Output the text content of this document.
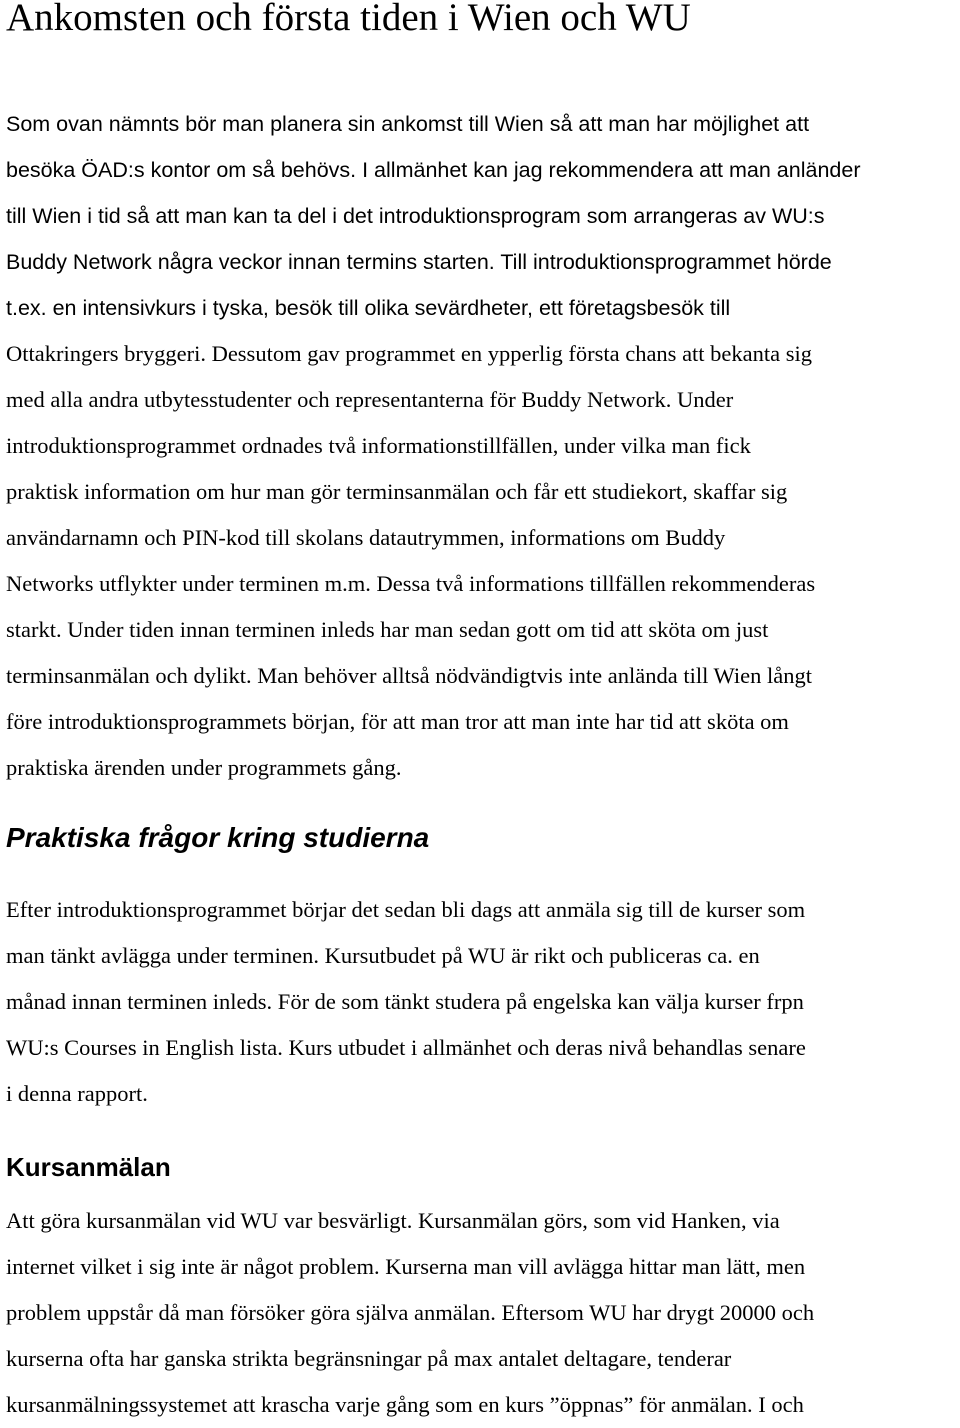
Ankomsten och första tiden i Wien och WU
Som ovan nämnts bör man planera sin ankomst till Wien så att man har möjlighet att
besöka ÖAD:s kontor om så behövs. I allmänhet kan jag rekommendera att man anländer
till Wien i tid så att man kan ta del i det introduktionsprogram som arrangeras av WU:s
Buddy Network några veckor innan termins starten. Till introduktionsprogrammet hörde
t.ex. en intensivkurs i tyska, besök till olika sevärdheter, ett företagsbesök till
Ottakringers bryggeri. Dessutom gav programmet en ypperlig första chans att bekanta sig
med alla andra utbytesstudenter och representanterna för Buddy Network. Under
introduktionsprogrammet ordnades två informationstillfällen, under vilka man fick
praktisk information om hur man gör terminsanmälan och får ett studiekort, skaffar sig
användarnamn och PIN-kod till skolans datautrymmen, informations om Buddy
Networks utflykter under terminen m.m. Dessa två informations tillfällen rekommenderas
starkt. Under tiden innan terminen inleds har man sedan gott om tid att sköta om just
terminsanmälan och dylikt. Man behöver alltså nödvändigtvis inte anlända till Wien långt
före introduktionsprogrammets början, för att man tror att man inte har tid att sköta om
praktiska ärenden under programmets gång.
Praktiska frågor kring studierna
Efter introduktionsprogrammet börjar det sedan bli dags att anmäla sig till de kurser som
man tänkt avlägga under terminen. Kursutbudet på WU är rikt och publiceras ca. en
månad innan terminen inleds. För de som tänkt studera på engelska kan välja kurser frpn
WU:s Courses in English lista. Kurs utbudet i allmänhet och deras nivå behandlas senare
i denna rapport.
Kursanmälan
Att göra kursanmälan vid WU var besvärligt. Kursanmälan görs, som vid Hanken, via
internet vilket i sig inte är något problem. Kurserna man vill avlägga hittar man lätt, men
problem uppstår då man försöker göra själva anmälan. Eftersom WU har drygt 20000 och
kurserna ofta har ganska strikta begränsningar på max antalet deltagare, tenderar
kursanmälningssystemet att krascha varje gång som en kurs ”öppnas” för anmälan. I och
